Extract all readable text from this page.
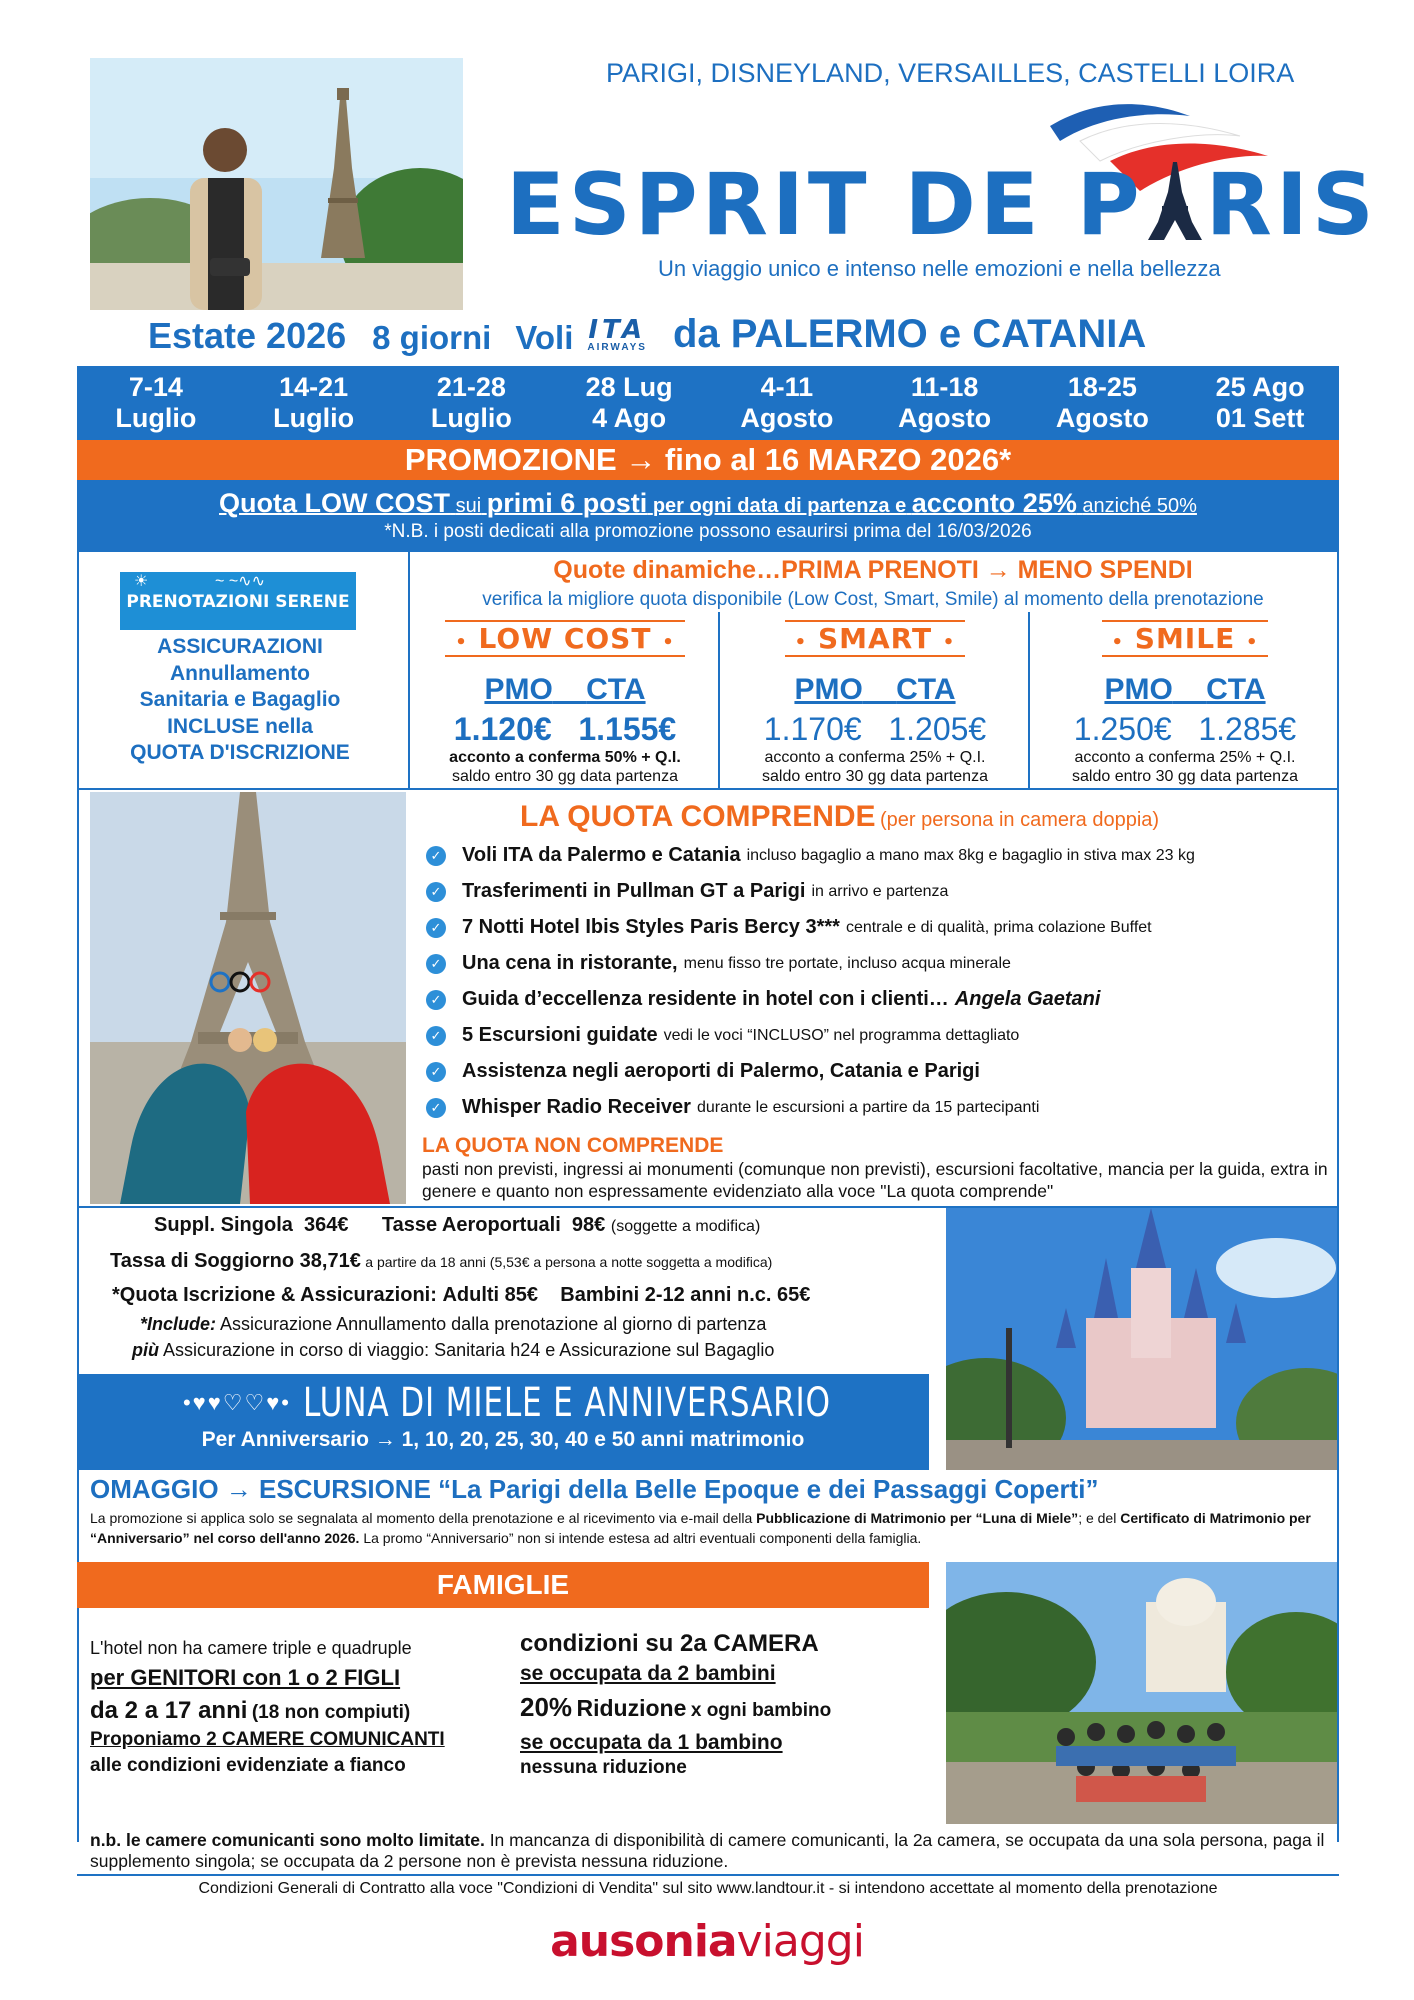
PARIGI, DISNEYLAND, VERSAILLES, CASTELLI LOIRA
ESPRIT DE P RIS
Un viaggio unico e intenso nelle emozioni e nella bellezza
Estate 2026 8 giorni Voli ITA
AIRWAYS da PALERMO e CATANIA
7-14
Luglio
14-21
Luglio
21-28
Luglio
28 Lug
4 Ago
4-11
Agosto
11-18
Agosto
18-25
Agosto
25 Ago
01 Sett
PROMOZIONE → fino al 16 MARZO 2026*
Quota LOW COST sui primi 6 posti per ogni data di partenza e acconto 25% anziché 50%
*N.B. i posti dedicati alla promozione possono esaurirsi prima del 16/03/2026
☀               ~ ~∿∿
PRENOTAZIONI SERENE
ASSICURAZIONI
Annullamento
Sanitaria e Bagaglio
INCLUSE nella
QUOTA D'ISCRIZIONE
Quote dinamiche…PRIMA PRENOTI → MENO SPENDI
verifica la migliore quota disponibile (Low Cost, Smart, Smile) al momento della prenotazione
• LOW COST •
PMO CTA
1.120€ 1.155€
acconto a conferma 50% + Q.I.
saldo entro 30 gg data partenza
• SMART •
PMO CTA
1.170€ 1.205€
acconto a conferma 25% + Q.I.
saldo entro 30 gg data partenza
• SMILE •
PMO CTA
1.250€ 1.285€
acconto a conferma 25% + Q.I.
saldo entro 30 gg data partenza
LA QUOTA COMPRENDE (per persona in camera doppia)
✓ Voli ITA da Palermo e Catania incluso bagaglio a mano max 8kg e bagaglio in stiva max 23 kg
✓ Trasferimenti in Pullman GT a Parigi in arrivo e partenza
✓ 7 Notti Hotel Ibis Styles Paris Bercy 3*** centrale e di qualità, prima colazione Buffet
✓ Una cena in ristorante, menu fisso tre portate, incluso acqua minerale
✓ Guida d’eccellenza residente in hotel con i clienti… Angela Gaetani
✓ 5 Escursioni guidate vedi le voci “INCLUSO” nel programma dettagliato
✓ Assistenza negli aeroporti di Palermo, Catania e Parigi
✓ Whisper Radio Receiver durante le escursioni a partire da 15 partecipanti
LA QUOTA NON COMPRENDE
pasti non previsti, ingressi ai monumenti (comunque non previsti), escursioni facoltative, mancia per la guida, extra in genere e quanto non espressamente evidenziato alla voce "La quota comprende"
Suppl. Singola 364€ Tasse Aeroportuali 98€ (soggette a modifica)
Tassa di Soggiorno 38,71€ a partire da 18 anni (5,53€ a persona a notte soggetta a modifica)
*Quota Iscrizione & Assicurazioni: Adulti 85€ Bambini 2-12 anni n.c. 65€
*Include: Assicurazione Annullamento dalla prenotazione al giorno di partenza
più Assicurazione in corso di viaggio: Sanitaria h24 e Assicurazione sul Bagaglio
•♥♥♡♡♥• LUNA DI MIELE E ANNIVERSARIO
Per Anniversario → 1, 10, 20, 25, 30, 40 e 50 anni matrimonio
OMAGGIO → ESCURSIONE “La Parigi della Belle Epoque e dei Passaggi Coperti”
La promozione si applica solo se segnalata al momento della prenotazione e al ricevimento via e-mail della Pubblicazione di Matrimonio per “Luna di Miele”; e del Certificato di Matrimonio per “Anniversario” nel corso dell'anno 2026. La promo “Anniversario” non si intende estesa ad altri eventuali componenti della famiglia.
FAMIGLIE
L'hotel non ha camere triple e quadruple
per GENITORI con 1 o 2 FIGLI
da 2 a 17 anni (18 non compiuti)
Proponiamo 2 CAMERE COMUNICANTI
alle condizioni evidenziate a fianco
condizioni su 2a CAMERA
se occupata da 2 bambini
20% Riduzione x ogni bambino
se occupata da 1 bambino
nessuna riduzione
n.b. le camere comunicanti sono molto limitate. In mancanza di disponibilità di camere comunicanti, la 2a camera, se occupata da una sola persona, paga il supplemento singola; se occupata da 2 persone non è prevista nessuna riduzione.
Condizioni Generali di Contratto alla voce "Condizioni di Vendita" sul sito www.landtour.it - si intendono accettate al momento della prenotazione
ausoniaviaggi
